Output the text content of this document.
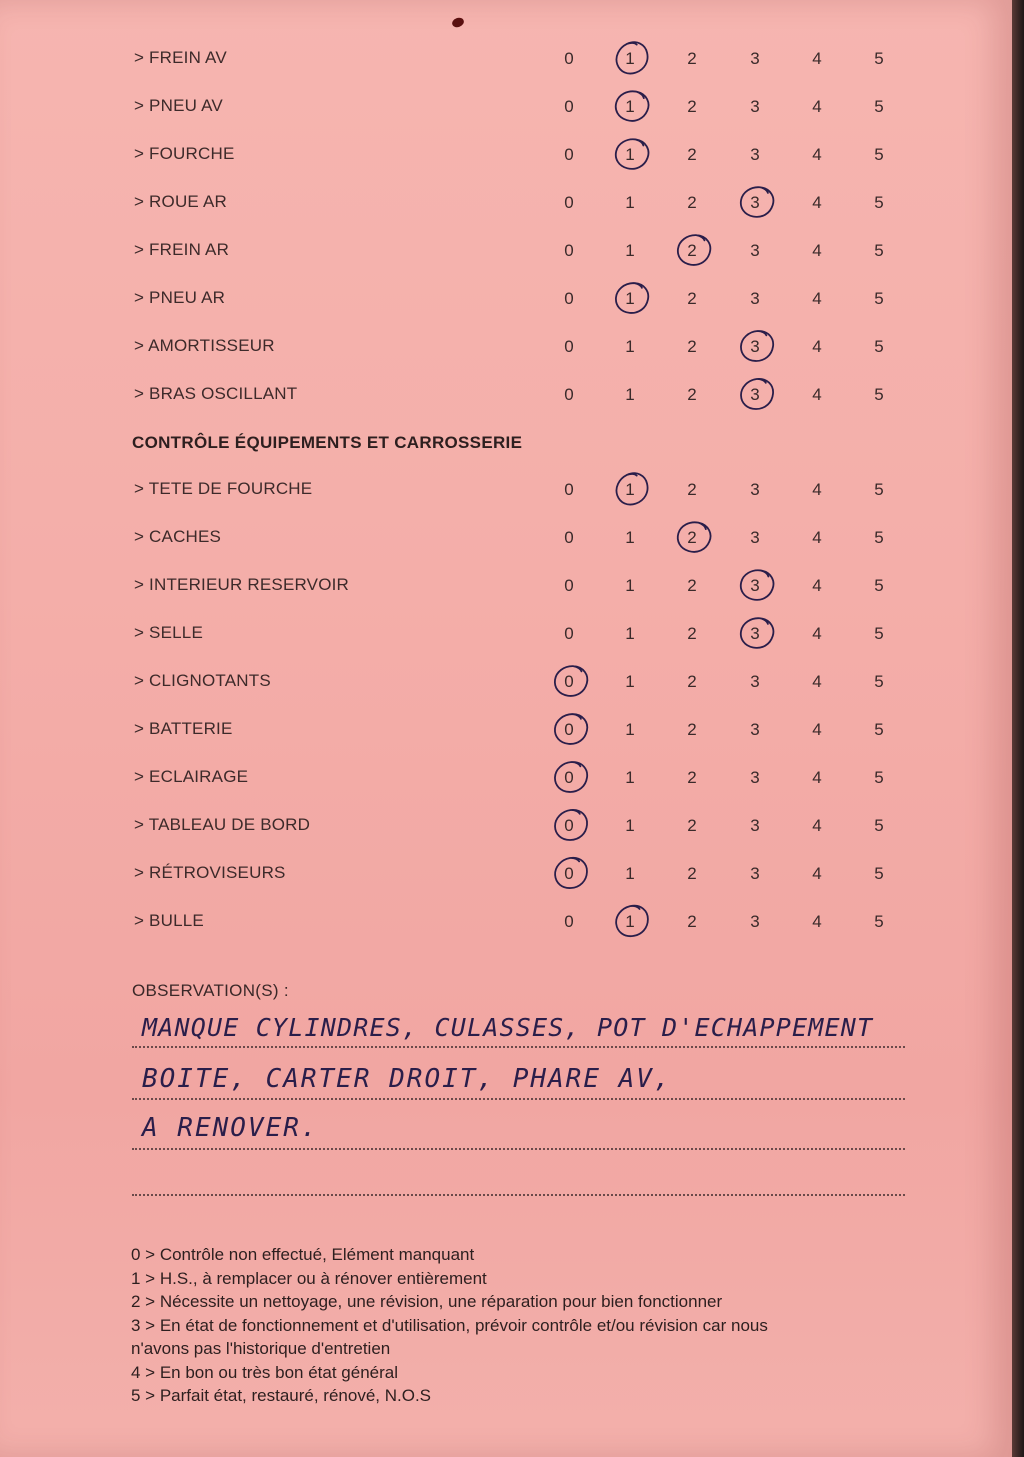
> FREIN AV	0	1	2	3	4	5
> PNEU AV	0	1	2	3	4	5
> FOURCHE	0	1	2	3	4	5
> ROUE AR	0	1	2	3	4	5
> FREIN AR	0	1	2	3	4	5
> PNEU AR	0	1	2	3	4	5
> AMORTISSEUR	0	1	2	3	4	5
> BRAS OSCILLANT	0	1	2	3	4	5
> TETE DE FOURCHE	0	1	2	3	4	5
> CACHES	0	1	2	3	4	5
> INTERIEUR RESERVOIR	0	1	2	3	4	5
> SELLE	0	1	2	3	4	5
> CLIGNOTANTS	0	1	2	3	4	5
> BATTERIE	0	1	2	3	4	5
> ECLAIRAGE	0	1	2	3	4	5
> TABLEAU DE BORD	0	1	2	3	4	5
> RÉTROVISEURS	0	1	2	3	4	5
> BULLE	0	1	2	3	4	5
CONTRÔLE ÉQUIPEMENTS ET CARROSSERIE
OBSERVATION(S) :
MANQUE CYLINDRES, CULASSES, POT D'ECHAPPEMENT
BOITE, CARTER DROIT, PHARE AV,
A RENOVER.
0 > Contrôle non effectué, Elément manquant
1 > H.S., à remplacer ou à rénover entièrement
2 > Nécessite un nettoyage, une révision, une réparation pour bien fonctionner
3 > En état de fonctionnement et d'utilisation, prévoir contrôle et/ou révision car nous
n'avons pas l'historique d'entretien
4 > En bon ou très bon état général
5 > Parfait état, restauré, rénové, N.O.S
